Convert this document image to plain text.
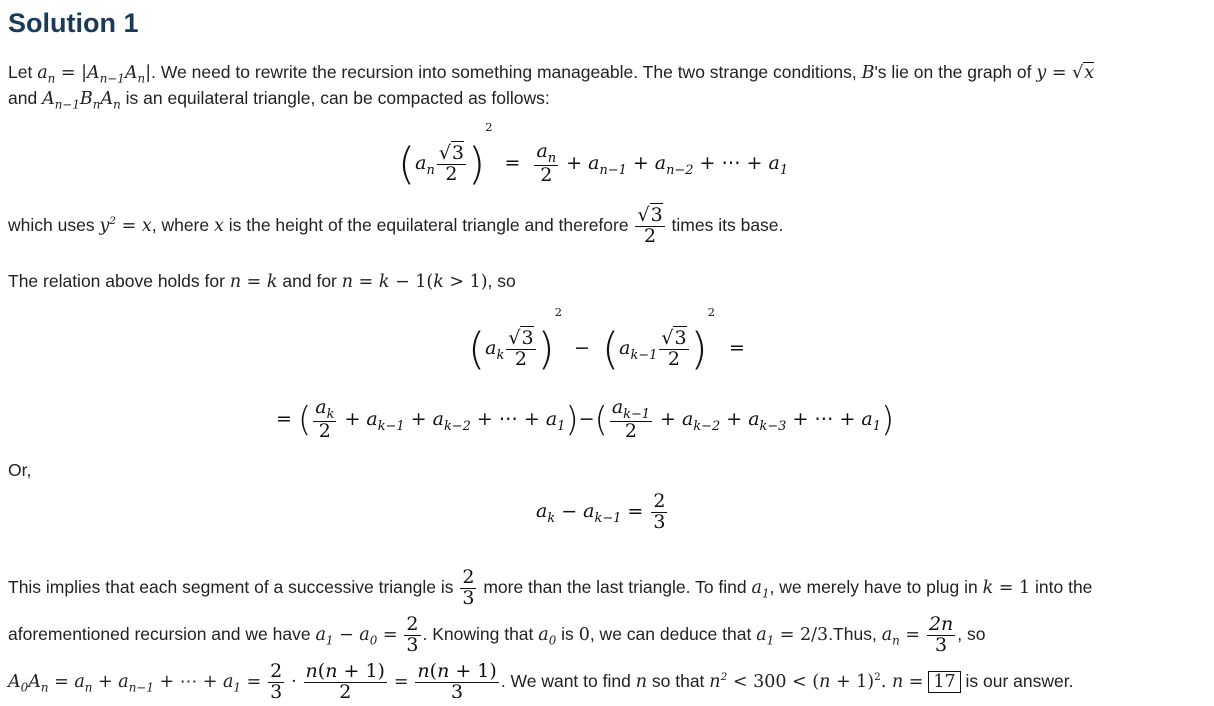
Solution 1
Let $a_n = |A_{n-1}A_n|$. We need to rewrite the recursion into something manageable. The two strange conditions, B's lie on the graph of y = √x
and $A_{n-1}B_nA_n$ is an equilateral triangle, can be compacted as follows:
$(a_n \frac{√3}{2} )^2 = \frac{a_n}{2} + a_{n-1} + a_{n-2}$ + ⋯ + $a_1$
which uses $y^2 = x$, where x is the height of the equilateral triangle and therefore $\frac{√3}{2}$ times its base.
The relation above holds for n = k and for n = k − 1(k > 1), so
$(a_k \frac{√3}{2} )^2 - (a_{k-1} \frac{√3}{2} )^2$ =
= ( $\frac{a_k}{2} + a_{k-1} + a_{k-2}$ + ⋯ + $a_1)-( \frac{a_{k-1}}{2} + a_{k-2} + a_{k-3}$ + ⋯ + $a_1$)
Or,
$a_k - a_{k-1} = \frac{2}{3}$
This implies that each segment of a successive triangle is $\frac{2}{3}$ more than the last triangle. To find $a_1$, we merely have to plug in k = 1 into the
aforementioned recursion and we have $a_1 - a_0 = \frac{2}{3}$ . Knowing that $a_0$ is 0, we can deduce that $a_1$ = 2/3.Thus, $a_n = \frac{2n}{3}$ , so
$A_0A_n = a_n + a_{n-1}$ + ⋯ + $a_1 = \frac{2}{3} \cdot \frac{n(n + 1)}{2} = \frac{n(n + 1)}{3}$ . We want to find n so that $n^2 < 300 < (n + 1)^2$. n = 17 is our answer.
